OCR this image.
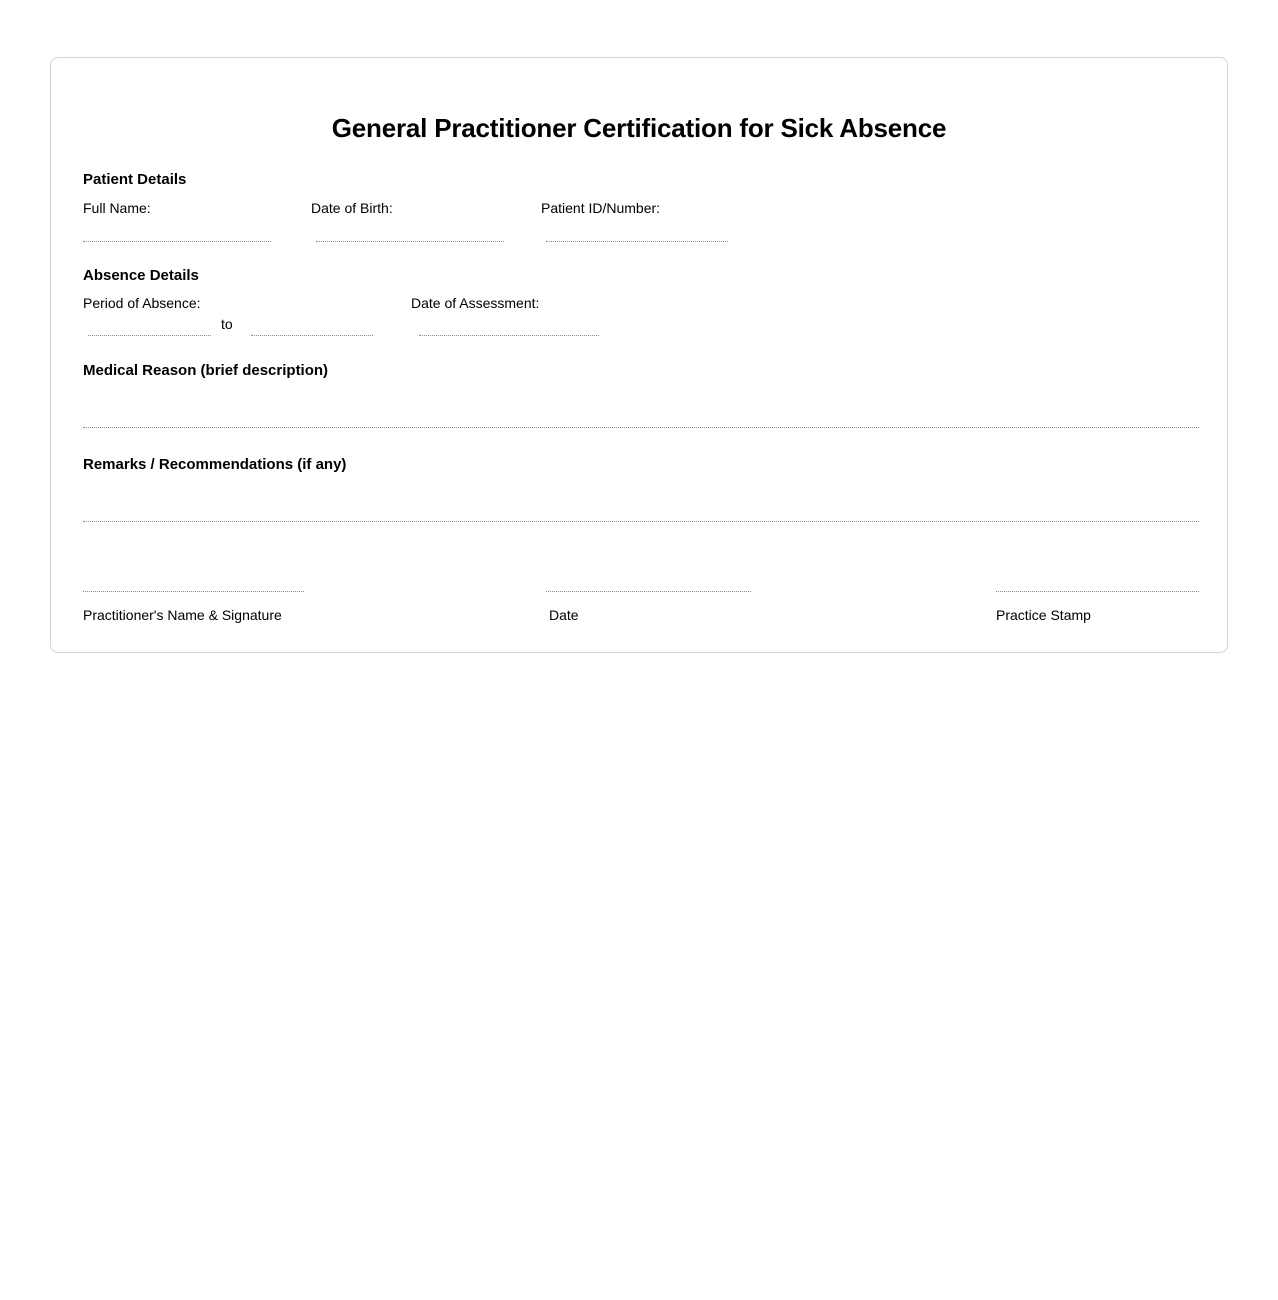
General Practitioner Certification for Sick Absence
Patient Details
Full Name:	Date of Birth:	Patient ID/Number:
Absence Details
Period of Absence:	Date of Assessment:
to
Medical Reason (brief description)
Remarks / Recommendations (if any)
Practitioner's Name & Signature	Date	Practice Stamp
